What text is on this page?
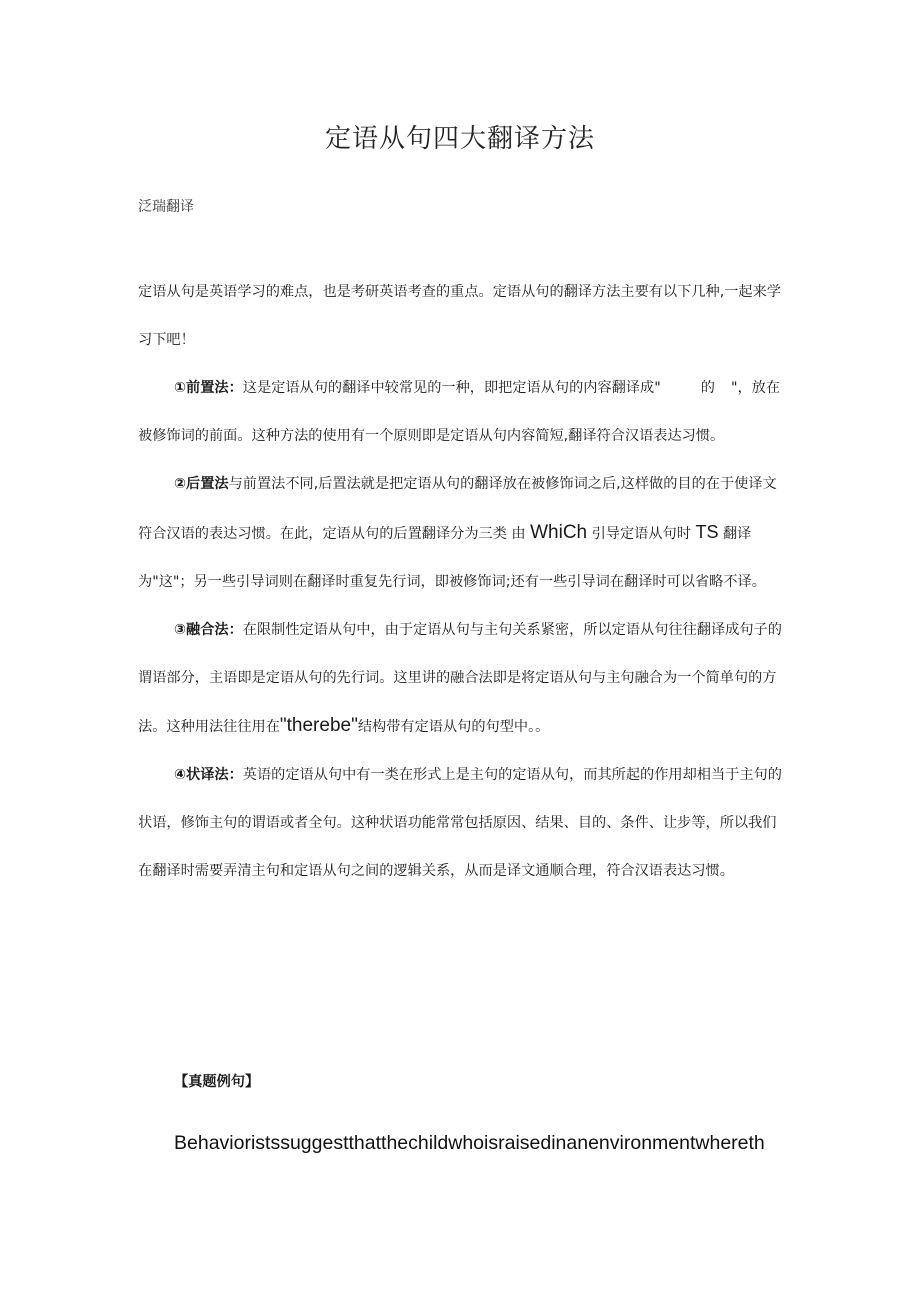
定语从句四大翻译方法
泛瑞翻译

定语从句是英语学习的难点，也是考研英语考查的重点。定语从句的翻译方法主要有以下几种,一起来学习下吧！

①前置法：这是定语从句的翻译中较常见的一种，即把定语从句的内容翻译成"	的 "，放在被修饰词的前面。这种方法的使用有一个原则即是定语从句内容简短,翻译符合汉语表达习惯。

②后置法与前置法不同,后置法就是把定语从句的翻译放在被修饰词之后,这样做的目的在于使译文符合汉语的表达习惯。在此，定语从句的后置翻译分为三类 由 WhiCh 引导定语从句时 TS 翻译为"这"；另一些引导词则在翻译时重复先行词，即被修饰词;还有一些引导词在翻译时可以省略不译。

③融合法：在限制性定语从句中，由于定语从句与主句关系紧密，所以定语从句往往翻译成句子的谓语部分，主语即是定语从句的先行词。这里讲的融合法即是将定语从句与主句融合为一个简单句的方法。这种用法往往用在"therebe"结构带有定语从句的句型中。。

④状译法：英语的定语从句中有一类在形式上是主句的定语从句，而其所起的作用却相当于主句的状语，修饰主句的谓语或者全句。这种状语功能常常包括原因、结果、目的、条件、让步等，所以我们在翻译时需要弄清主句和定语从句之间的逻辑关系，从而是译文通顺合理，符合汉语表达习惯。

【真题例句】
Behavioristssuggestthatthechildwhoisraisedinanenvironmentwhereth
